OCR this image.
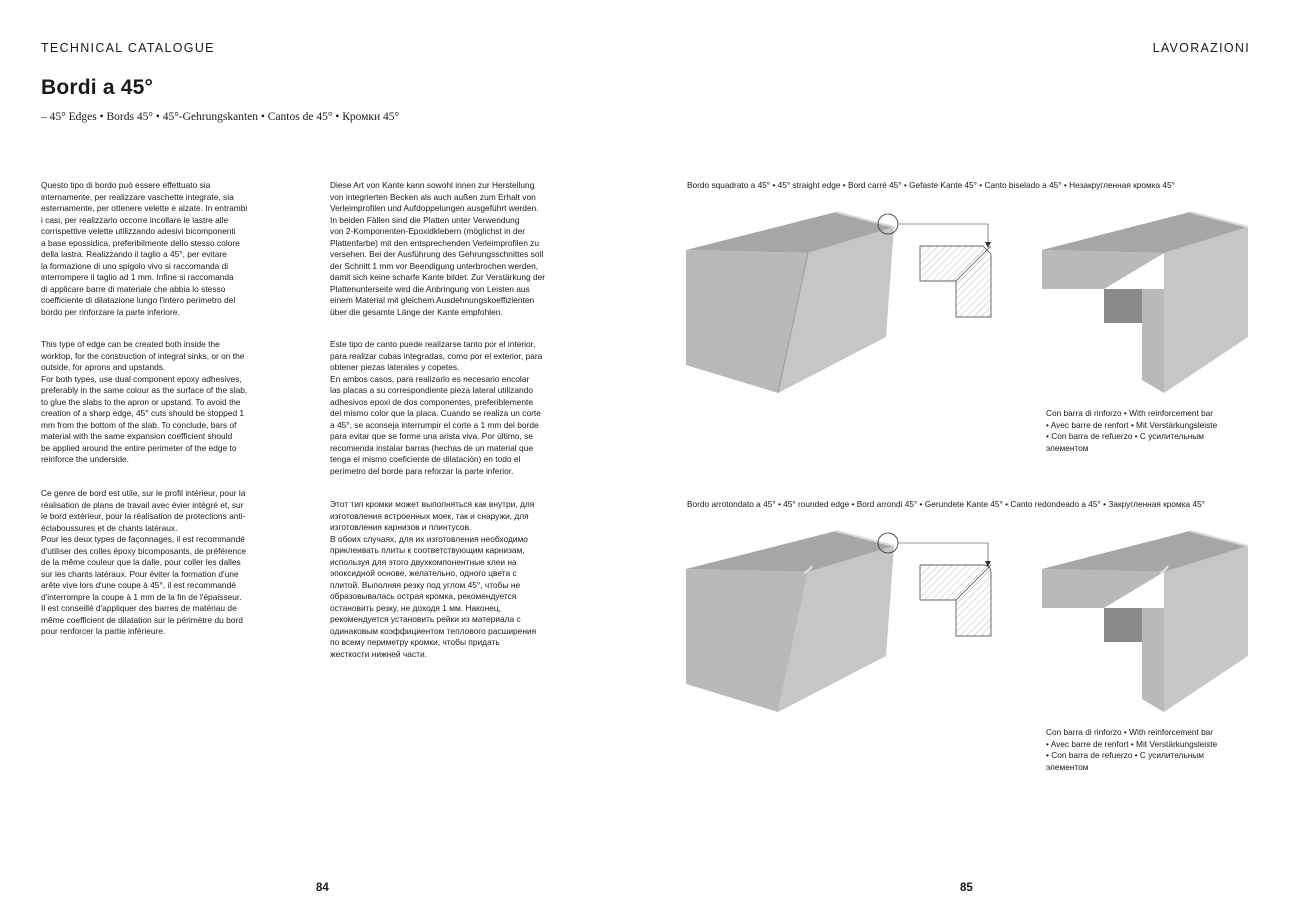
TECHNICAL CATALOGUE	LAVORAZIONI
Bordi a 45°
– 45° Edges • Bords 45° • 45°-Gehrungskanten • Cantos de 45° • Кромки 45°
Questo tipo di bordo può essere effettuato sia
internamente, per realizzare vaschette integrate, sia
esternamente, per ottenere velette e alzate. In entrambi
i casi, per realizzarlo occorre incollare le lastre alle
corrispettive velette utilizzando adesivi bicomponenti
a base epossidica, preferibilmente dello stesso colore
della lastra. Realizzando il taglio a 45°, per evitare
la formazione di uno spigolo vivo si raccomanda di
interrompere il taglio ad 1 mm. Infine si raccomanda
di applicare barre di materiale che abbia lo stesso
coefficiente di dilatazione lungo l'intero perimetro del
bordo per rinforzare la parte inferiore.
This type of edge can be created both inside the
worktop, for the construction of integral sinks, or on the
outside, for aprons and upstands.
For both types, use dual component epoxy adhesives,
preferably in the same colour as the surface of the slab,
to glue the slabs to the apron or upstand. To avoid the
creation of a sharp edge, 45° cuts should be stopped 1
mm from the bottom of the slab. To conclude, bars of
material with the same expansion coefficient should
be applied around the entire perimeter of the edge to
reinforce the underside.
Ce genre de bord est utile, sur le profil intérieur, pour la
réalisation de plans de travail avec évier intégré et, sur
le bord extérieur, pour la réalisation de protections anti-
éclaboussures et de chants latéraux.
Pour les deux types de façonnages, il est recommandé
d'utiliser des colles époxy bicomposants, de préférence
de la même couleur que la dalle, pour coller les dalles
sur les chants latéraux. Pour éviter la formation d'une
arête vive lors d'une coupe à 45°, il est recommandé
d'interrompre la coupe à 1 mm de la fin de l'épaisseur.
Il est conseillé d'appliquer des barres de matériau de
même coefficient de dilatation sur le périmètre du bord
pour renforcer la partie inférieure.
Diese Art von Kante kann sowohl innen zur Herstellung
von integrierten Becken als auch außen zum Erhalt von
Verleimprofilen und Aufdoppelungen ausgeführt werden.
In beiden Fällen sind die Platten unter Verwendung
von 2-Komponenten-Epoxidklebern (möglichst in der
Plattenfarbe) mit den entsprechenden Verleimprofilen zu
versehen. Bei der Ausführung des Gehrungsschnittes soll
der Schnitt 1 mm vor Beendigung unterbrochen werden,
damit sich keine scharfe Kante bildet. Zur Verstärkung der
Plattenunterseite wird die Anbringung von Leisten aus
einem Material mit gleichem Ausdehnungskoeffizienten
über die gesamte Länge der Kante empfohlen.
Este tipo de canto puede realizarse tanto por el interior,
para realizar cubas integradas, como por el exterior, para
obtener piezas laterales y copetes.
En ambos casos, para realizarlo es necesario encolar
las placas a su correspondiente pieza lateral utilizando
adhesivos epoxi de dos componentes, preferiblemente
del mismo color que la placa. Cuando se realiza un corte
a 45°, se aconseja interrumpir el corte a 1 mm del borde
para evitar que se forme una arista viva. Por último, se
recomienda instalar barras (hechas de un material que
tenga el mismo coeficiente de dilatación) en todo el
perímetro del borde para reforzar la parte inferior.
Этот тип кромки может выполняться как внутри, для
изготовления встроенных моек, так и снаружи, для
изготовления карнизов и плинтусов.
В обоих случаях, для их изготовления необходимо
приклеивать плиты к соответствующим карнизам,
используя для этого двухкомпонентные клеи на
эпоксидной основе, желательно, одного цвета с
плитой. Выполняя резку под углом 45°, чтобы не
образовывалась острая кромка, рекомендуется
остановить резку, не доходя 1 мм. Наконец,
рекомендуется установить рейки из материала с
одинаковым коэффициентом теплового расширения
по всему периметру кромки, чтобы придать
жесткости нижней части.
Bordo squadrato a 45° • 45° straight edge • Bord carré 45° • Gefaste Kante 45° • Canto biselado a 45° • Незакругленная кромка 45°
Con barra di rinforzo • With reinforcement bar
• Avec barre de renfort • Mit Verstärkungsleiste
• Con barra de refuerzo • С усилительным
элементом
Bordo arrotondato a 45° • 45° rounded edge • Bord arrondi 45° • Gerundete Kante 45° • Canto redondeado a 45° • Закругленная кромка 45°
Con barra di rinforzo • With reinforcement bar
• Avec barre de renfort • Mit Verstärkungsleiste
• Con barra de refuerzo • С усилительным
элементом
84	85
